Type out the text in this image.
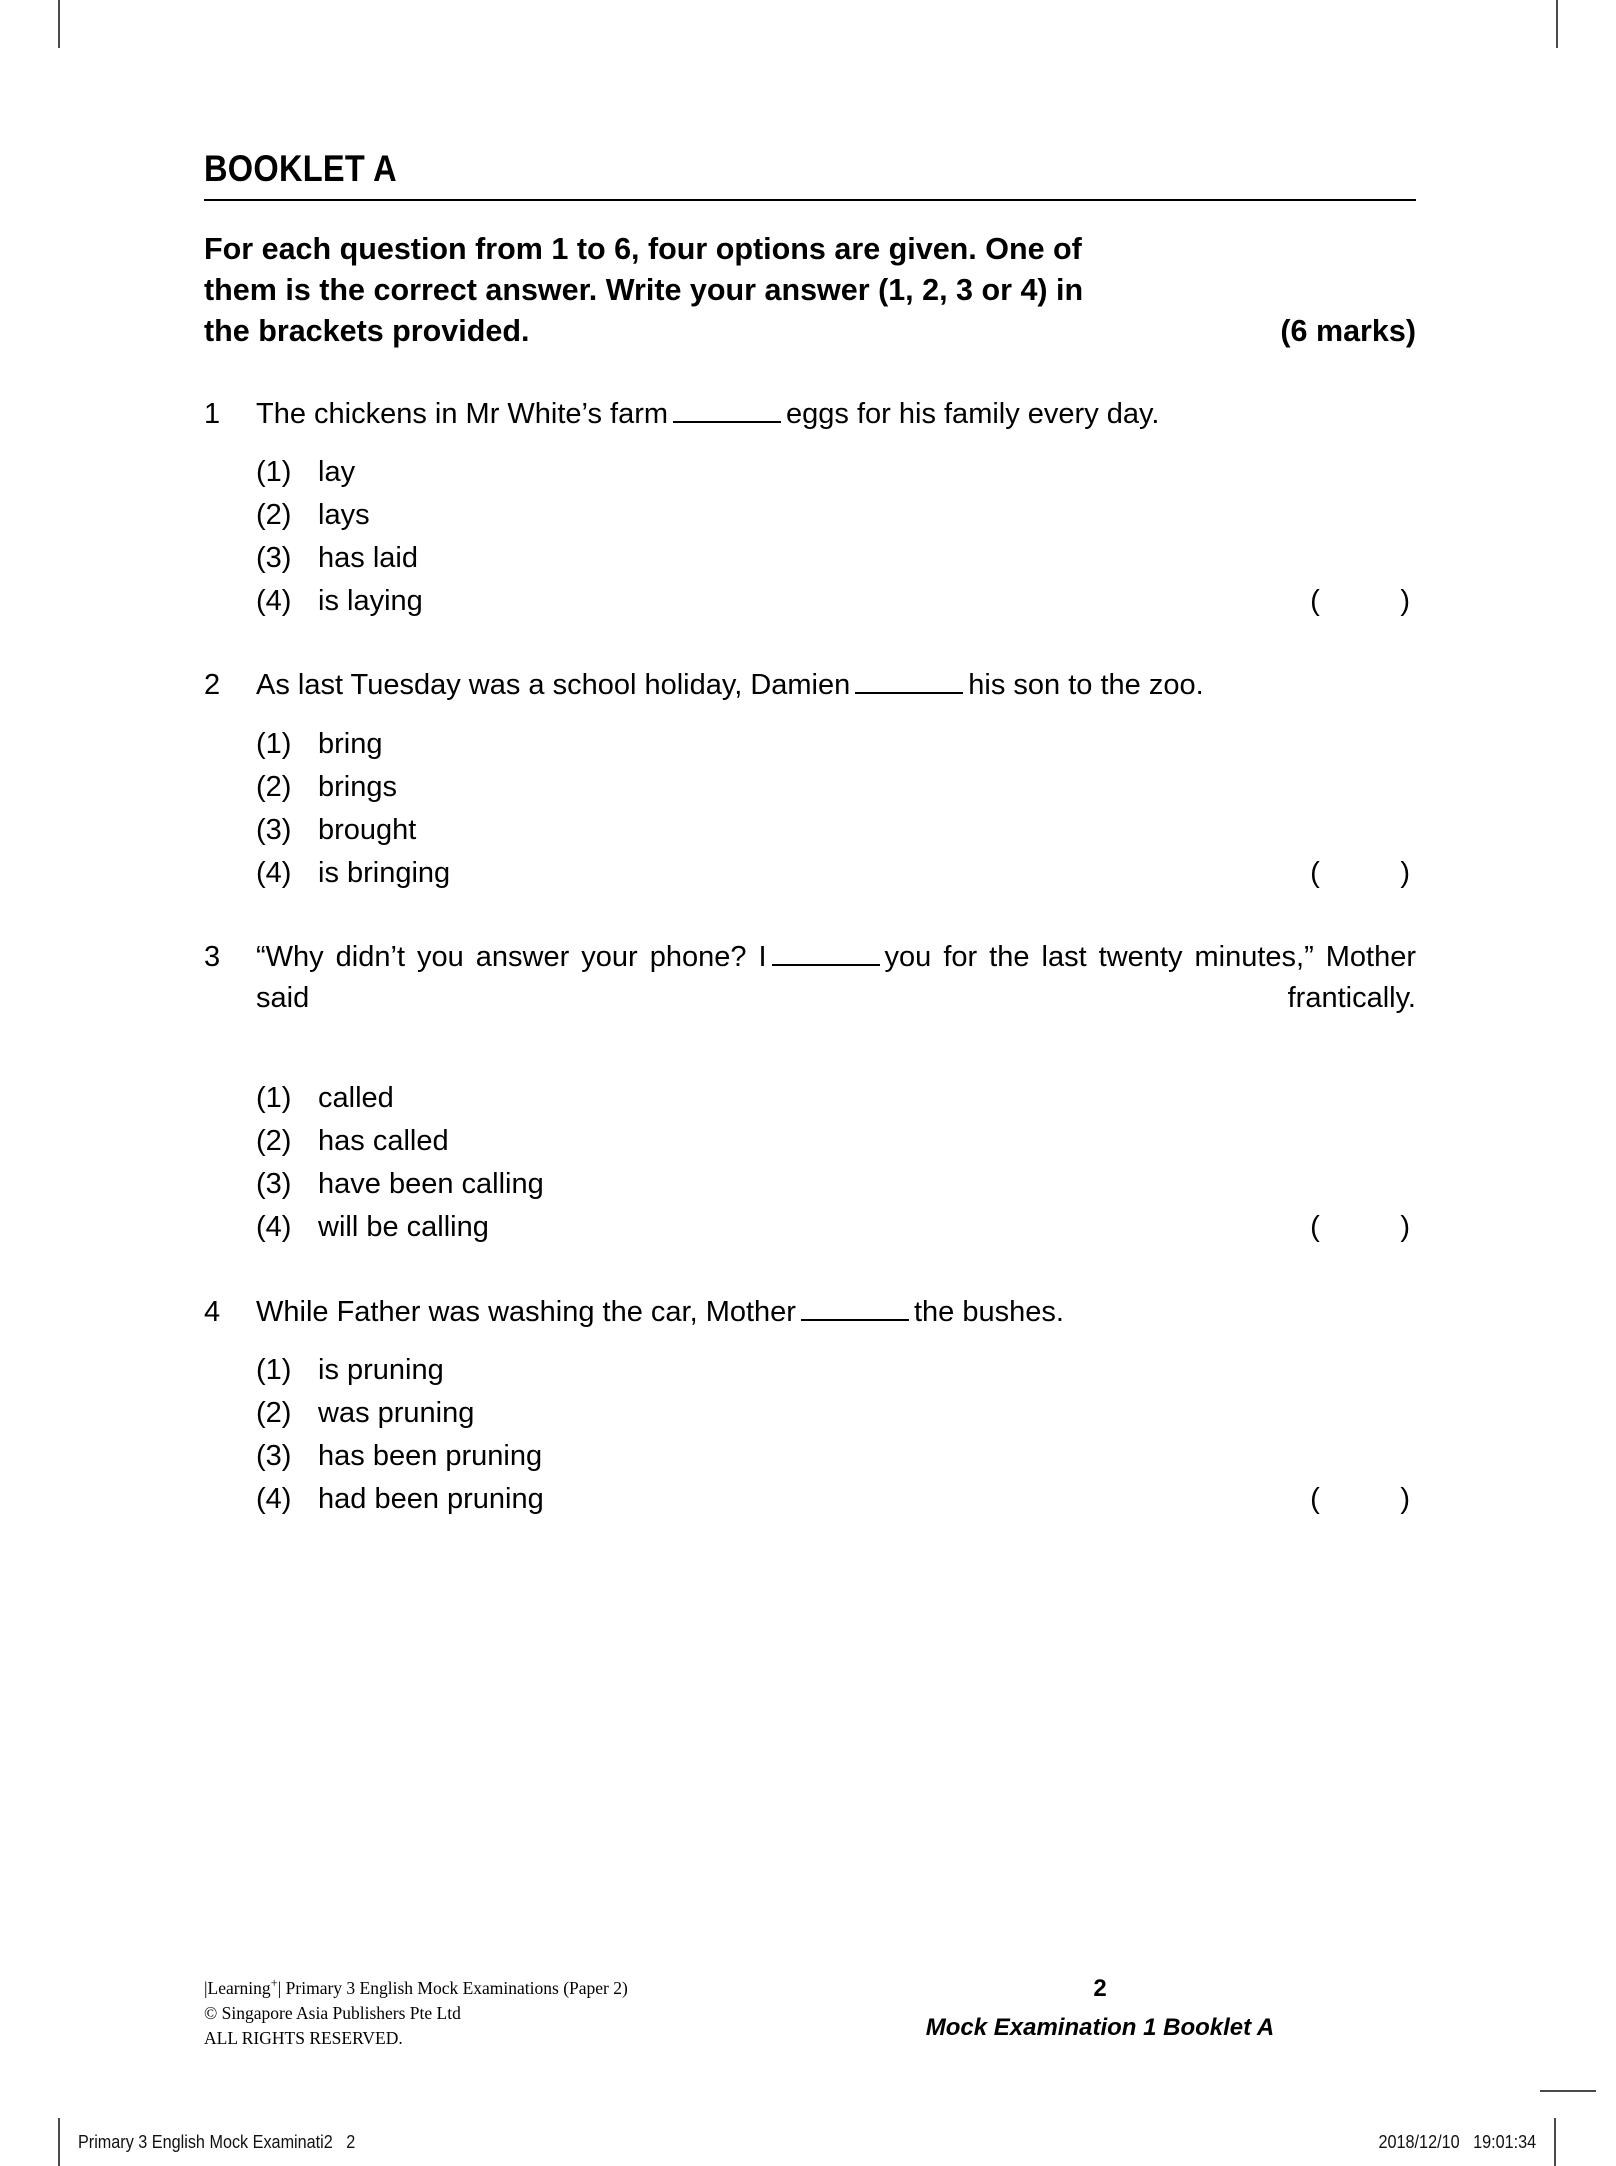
BOOKLET A
For each question from 1 to 6, four options are given. One of
them is the correct answer. Write your answer (1, 2, 3 or 4) in
the brackets provided.	(6 marks)
1	The chickens in Mr White’s farm	eggs for his family every day.
(1) lay
(2) lays
(3) has laid
(4) is laying	(          )
2	As last Tuesday was a school holiday, Damien	his son to the zoo.
(1) bring
(2) brings
(3) brought
(4) is bringing	(          )
3	“Why didn’t you answer your phone? I	you for the last twenty minutes,” Mother said frantically.
(1) called
(2) has called
(3) have been calling
(4) will be calling	(          )
4	While Father was washing the car, Mother	the bushes.
(1) is pruning
(2) was pruning
(3) has been pruning
(4) had been pruning	(          )
|Learning+| Primary 3 English Mock Examinations (Paper 2)
© Singapore Asia Publishers Pte Ltd
ALL RIGHTS RESERVED.
2
Mock Examination 1 Booklet A
Primary 3 English Mock Examinati2   2	2018/12/10   19:01:34
